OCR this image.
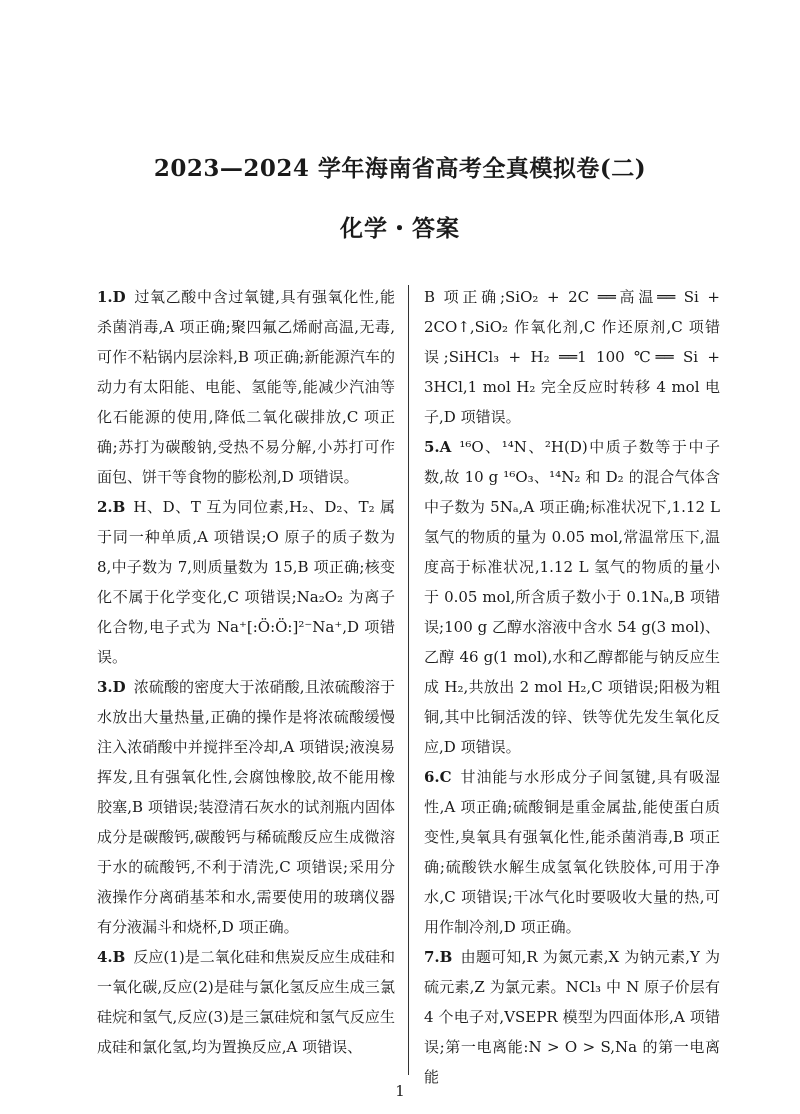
2023—2024 学年海南省高考全真模拟卷(二)
化学・答案

1.D 过氧乙酸中含过氧键,具有强氧化性,能杀菌消毒,A 项正确;聚四氟乙烯耐高温,无毒,可作不粘锅内层涂料,B 项正确;新能源汽车的动力有太阳能、电能、氢能等,能减少汽油等化石能源的使用,降低二氧化碳排放,C 项正确;苏打为碳酸钠,受热不易分解,小苏打可作面包、饼干等食物的膨松剂,D 项错误。

2.B H、D、T 互为同位素,H₂、D₂、T₂ 属于同一种单质,A 项错误;O 原子的质子数为 8,中子数为 7,则质量数为 15,B 项正确;核变化不属于化学变化,C 项错误;Na₂O₂ 为离子化合物,电子式为 Na⁺[:Ö:Ö:]²⁻Na⁺,D 项错误。

3.D 浓硫酸的密度大于浓硝酸,且浓硫酸溶于水放出大量热量,正确的操作是将浓硫酸缓慢注入浓硝酸中并搅拌至冷却,A 项错误;液溴易挥发,且有强氧化性,会腐蚀橡胶,故不能用橡胶塞,B 项错误;装澄清石灰水的试剂瓶内固体成分是碳酸钙,碳酸钙与稀硫酸反应生成微溶于水的硫酸钙,不利于清洗,C 项错误;采用分液操作分离硝基苯和水,需要使用的玻璃仪器有分液漏斗和烧杯,D 项正确。

4.B 反应(1)是二氧化硅和焦炭反应生成硅和一氧化碳,反应(2)是硅与氯化氢反应生成三氯硅烷和氢气,反应(3)是三氯硅烷和氢气反应生成硅和氯化氢,均为置换反应,A 项错误、

B 项正确;SiO₂ + 2C ══高温══ Si + 2CO↑,SiO₂ 作氧化剂,C 作还原剂,C 项错误;SiHCl₃ + H₂ ══1 100 ℃══ Si + 3HCl,1 mol H₂ 完全反应时转移 4 mol 电子,D 项错误。

5.A ¹⁶O、¹⁴N、²H(D)中质子数等于中子数,故 10 g ¹⁶O₃、¹⁴N₂ 和 D₂ 的混合气体含中子数为 5Nₐ,A 项正确;标准状况下,1.12 L 氢气的物质的量为 0.05 mol,常温常压下,温度高于标准状况,1.12 L 氢气的物质的量小于 0.05 mol,所含质子数小于 0.1Nₐ,B 项错误;100 g 乙醇水溶液中含水 54 g(3 mol)、乙醇 46 g(1 mol),水和乙醇都能与钠反应生成 H₂,共放出 2 mol H₂,C 项错误;阳极为粗铜,其中比铜活泼的锌、铁等优先发生氧化反应,D 项错误。

6.C 甘油能与水形成分子间氢键,具有吸湿性,A 项正确;硫酸铜是重金属盐,能使蛋白质变性,臭氧具有强氧化性,能杀菌消毒,B 项正确;硫酸铁水解生成氢氧化铁胶体,可用于净水,C 项错误;干冰气化时要吸收大量的热,可用作制冷剂,D 项正确。

7.B 由题可知,R 为氮元素,X 为钠元素,Y 为硫元素,Z 为氯元素。NCl₃ 中 N 原子价层有 4 个电子对,VSEPR 模型为四面体形,A 项错误;第一电离能:N > O > S,Na 的第一电离能

1
